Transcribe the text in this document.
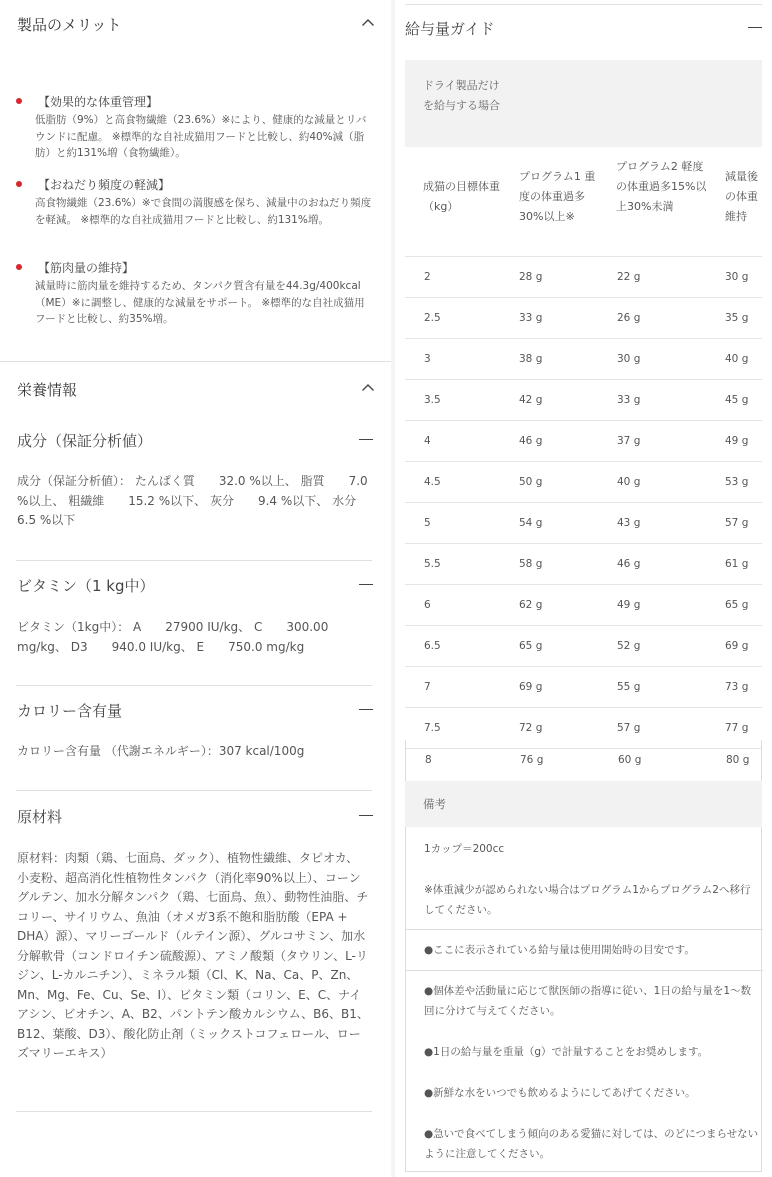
製品のメリット
【効果的な体重管理】
低脂肪（9%）と高食物繊維（23.6%）※により、健康的な減量とリバウンドに配慮。 ※標準的な自社成猫用フードと比較し、約40%減（脂肪）と約131%増（食物繊維）。
【おねだり頻度の軽減】
高食物繊維（23.6%）※で食間の満腹感を保ち、減量中のおねだり頻度を軽減。 ※標準的な自社成猫用フードと比較し、約131%増。
【筋肉量の維持】
減量時に筋肉量を維持するため、タンパク質含有量を44.3g/400kcal（ME）※に調整し、健康的な減量をサポート。 ※標準的な自社成猫用フードと比較し、約35%増。
栄養情報
成分（保証分析値）
成分（保証分析値）： たんぱく質　　32.0 %以上、 脂質　　7.0 %以上、 粗繊維　　15.2 %以下、 灰分　　9.4 %以下、 水分　　6.5 %以下
ビタミン（1 kg中）
ビタミン（1kg中）： A　　27900 IU/kg、 C　　300.00 mg/kg、 D3　　940.0 IU/kg、 E　　750.0 mg/kg
カロリー含有量
カロリー含有量 （代謝エネルギー）：307 kcal/100g
原材料
原材料：肉類（鶏、七面鳥、ダック）、植物性繊維、タピオカ、小麦粉、超高消化性植物性タンパク（消化率90%以上）、コーングルテン、加水分解タンパク（鶏、七面鳥、魚）、動物性油脂、チコリー、サイリウム、魚油（オメガ3系不飽和脂肪酸（EPA + DHA）源）、マリーゴールド（ルテイン源）、グルコサミン、加水分解軟骨（コンドロイチン硫酸源）、アミノ酸類（タウリン、L-リジン、L-カルニチン）、ミネラル類（Cl、K、Na、Ca、P、Zn、Mn、Mg、Fe、Cu、Se、I）、ビタミン類（コリン、E、C、ナイアシン、ビオチン、A、B2、パントテン酸カルシウム、B6、B1、B12、葉酸、D3）、酸化防止剤（ミックストコフェロール、ローズマリーエキス）
給与量ガイド
ドライ製品だけを給与する場合
成猫の目標体重（kg）
プログラム1 重度の体重過多30%以上※
プログラム2 軽度の体重過多15%以上30%未満
減量後の体重維持
2	28 g	22 g	30 g
2.5	33 g	26 g	35 g
3	38 g	30 g	40 g
3.5	42 g	33 g	45 g
4	46 g	37 g	49 g
4.5	50 g	40 g	53 g
5	54 g	43 g	57 g
5.5	58 g	46 g	61 g
6	62 g	49 g	65 g
6.5	65 g	52 g	69 g
7	69 g	55 g	73 g
7.5	72 g	57 g	77 g
8	76 g	60 g	80 g
備考
1カップ＝200cc
※体重減少が認められない場合はプログラム1からプログラム2へ移行してください。
●ここに表示されている給与量は使用開始時の目安です。
●個体差や活動量に応じて獣医師の指導に従い、1日の給与量を1〜数回に分けて与えてください。
●1日の給与量を重量（g）で計量することをお奨めします。
●新鮮な水をいつでも飲めるようにしてあげてください。
●急いで食べてしまう傾向のある愛猫に対しては、のどにつまらせないように注意してください。
